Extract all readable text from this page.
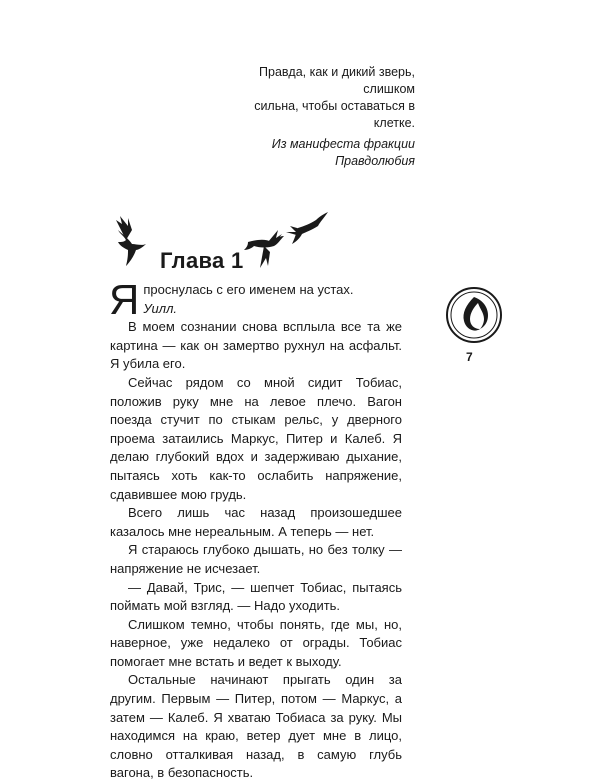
Правда, как и дикий зверь, слишком
сильна, чтобы оставаться в клетке.

Из манифеста фракции Правдолюбия
Глава 1

Я проснулась с его именем на устах.

Уилл.

В моем сознании снова всплыла все та же картина — как он замертво рухнул на асфальт. Я убила его.

Сейчас рядом со мной сидит Тобиас, положив руку мне на левое плечо. Вагон поезда стучит по стыкам рельс, у дверного проема затаились Маркус, Питер и Калеб. Я делаю глубокий вдох и задерживаю дыхание, пытаясь хоть как-то ослабить напряжение, сдавившее мою грудь.

Всего лишь час назад произошедшее казалось мне нереальным. А теперь — нет.

Я стараюсь глубоко дышать, но без толку — напряжение не исчезает.

— Давай, Трис, — шепчет Тобиас, пытаясь поймать мой взгляд. — Надо уходить.

Слишком темно, чтобы понять, где мы, но, наверное, уже недалеко от ограды. Тобиас помогает мне встать и ведет к выходу.

Остальные начинают прыгать один за другим. Первым — Питер, потом — Маркус, а затем — Калеб. Я хватаю Тобиаса за руку. Мы находимся на краю, ветер дует мне в лицо, словно отталкивая назад, в самую глубь вагона, в безопасность.

7
